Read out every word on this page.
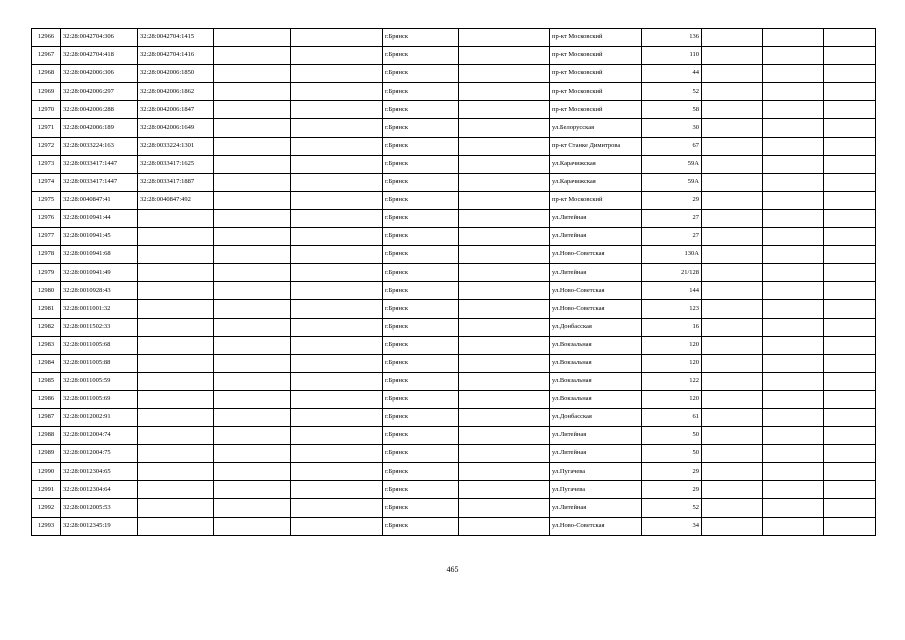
12966	32:28:0042704:306	32:28:0042704:1415			г.Брянск		пр-кт Московский	136			
12967	32:28:0042704:418	32:28:0042704:1416			г.Брянск		пр-кт Московский	110			
12968	32:28:0042006:306	32:28:0042006:1850			г.Брянск		пр-кт Московский	44			
12969	32:28:0042006:297	32:28:0042006:1862			г.Брянск		пр-кт Московский	52			
12970	32:28:0042006:288	32:28:0042006:1847			г.Брянск		пр-кт Московский	58			
12971	32:28:0042006:189	32:28:0042006:1649			г.Брянск		ул.Белорусская	30			
12972	32:28:0033224:163	32:28:0033224:1301			г.Брянск		пр-кт Станке Димитрова	67			
12973	32:28:0033417:1447	32:28:0033417:1625			г.Брянск		ул.Карачижская	59А			
12974	32:28:0033417:1447	32:28:0033417:1887			г.Брянск		ул.Карачижская	59А			
12975	32:28:0040847:41	32:28:0040847:492			г.Брянск		пр-кт Московский	29			
12976	32:28:0010941:44				г.Брянск		ул.Литейная	27			
12977	32:28:0010941:45				г.Брянск		ул.Литейная	27			
12978	32:28:0010941:68				г.Брянск		ул.Ново-Советская	130А			
12979	32:28:0010941:49				г.Брянск		ул.Литейная	21/128			
12980	32:28:0010928:43				г.Брянск		ул.Ново-Советская	144			
12981	32:28:0011001:32				г.Брянск		ул.Ново-Советская	123			
12982	32:28:0011502:33				г.Брянск		ул.Донбасская	16			
12983	32:28:0011005:68				г.Брянск		ул.Вокзальная	120			
12984	32:28:0011005:88				г.Брянск		ул.Вокзальная	120			
12985	32:28:0011005:59				г.Брянск		ул.Вокзальная	122			
12986	32:28:0011005:69				г.Брянск		ул.Вокзальная	120			
12987	32:28:0012002:91				г.Брянск		ул.Донбасская	61			
12988	32:28:0012004:74				г.Брянск		ул.Литейная	50			
12989	32:28:0012004:75				г.Брянск		ул.Литейная	50			
12990	32:28:0012304:65				г.Брянск		ул.Пугачева	29			
12991	32:28:0012304:64				г.Брянск		ул.Пугачева	29			
12992	32:28:0012005:53				г.Брянск		ул.Литейная	52			
12993	32:28:0012345:19				г.Брянск		ул.Ново-Советская	34			
465
